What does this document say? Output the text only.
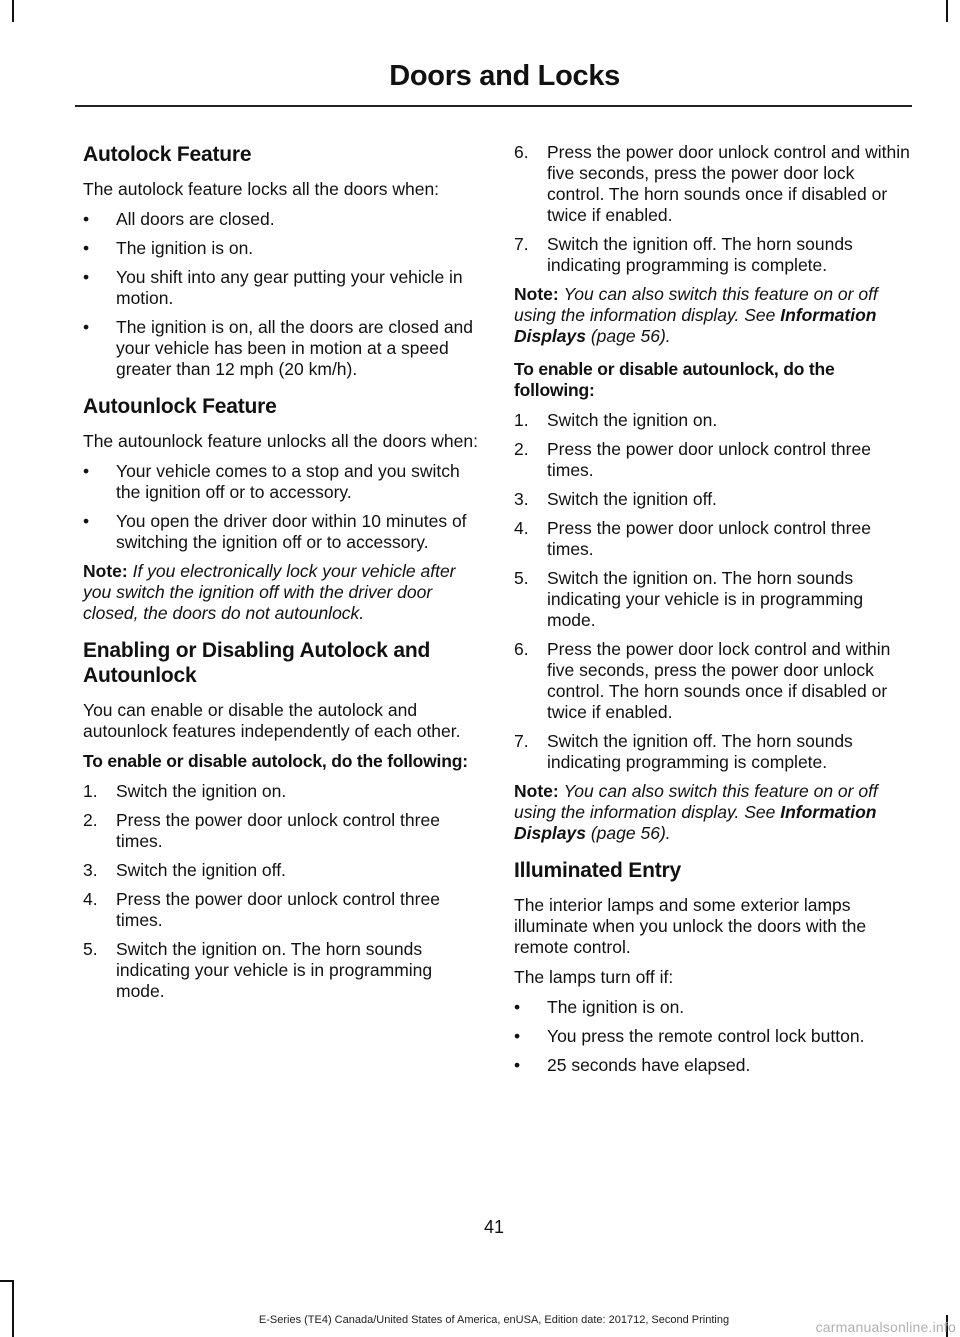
Doors and Locks
Autolock Feature
The autolock feature locks all the doors when:
• All doors are closed.
• The ignition is on.
• You shift into any gear putting your vehicle in motion.
• The ignition is on, all the doors are closed and your vehicle has been in motion at a speed greater than 12 mph (20 km/h).
Autounlock Feature
The autounlock feature unlocks all the doors when:
• Your vehicle comes to a stop and you switch the ignition off or to accessory.
• You open the driver door within 10 minutes of switching the ignition off or to accessory.
Note: If you electronically lock your vehicle after you switch the ignition off with the driver door closed, the doors do not autounlock.
Enabling or Disabling Autolock and Autounlock
You can enable or disable the autolock and autounlock features independently of each other.
To enable or disable autolock, do the following:
1. Switch the ignition on.
2. Press the power door unlock control three times.
3. Switch the ignition off.
4. Press the power door unlock control three times.
5. Switch the ignition on. The horn sounds indicating your vehicle is in programming mode.
6. Press the power door unlock control and within five seconds, press the power door lock control. The horn sounds once if disabled or twice if enabled.
7. Switch the ignition off. The horn sounds indicating programming is complete.
Note: You can also switch this feature on or off using the information display. See Information Displays (page 56).
To enable or disable autounlock, do the following:
1. Switch the ignition on.
2. Press the power door unlock control three times.
3. Switch the ignition off.
4. Press the power door unlock control three times.
5. Switch the ignition on. The horn sounds indicating your vehicle is in programming mode.
6. Press the power door lock control and within five seconds, press the power door unlock control. The horn sounds once if disabled or twice if enabled.
7. Switch the ignition off. The horn sounds indicating programming is complete.
Note: You can also switch this feature on or off using the information display. See Information Displays (page 56).
Illuminated Entry
The interior lamps and some exterior lamps illuminate when you unlock the doors with the remote control.
The lamps turn off if:
• The ignition is on.
• You press the remote control lock button.
• 25 seconds have elapsed.
41
E-Series (TE4) Canada/United States of America, enUSA, Edition date: 201712, Second Printing	carmanualsonline.info
